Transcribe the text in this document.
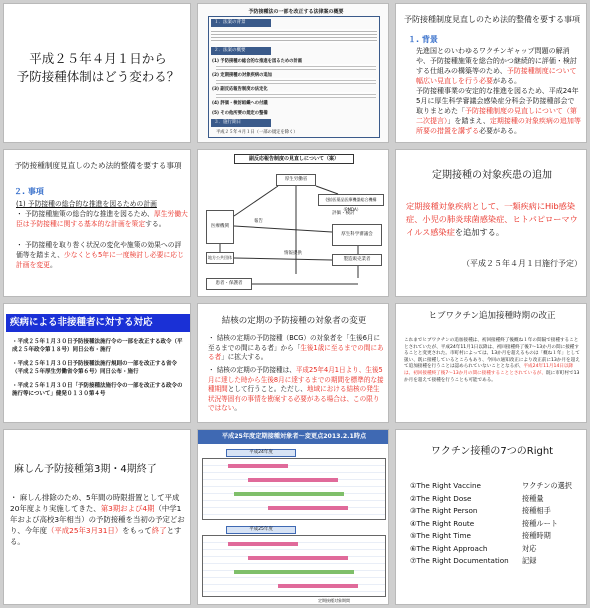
平成２５年４月１日から
予防接種体制はどう変わる？
予防接種法の一部を改正する法律案の概要
１．法案の背景
２．法案の概要
(1) 予防接種の総合的な推進を図るための計画
(2) 定期接種の対象疾病の追加
(3) 副反応報告制度の法定化
(4) 評価・検討組織への付議
(5) その他所要の規定の整備
３．施行期日
平成２５年４月１日（一部の規定を除く）
予防接種制度見直しのため法的整備を要する事項
１. 背景
先進国とのいわゆるワクチンギャップ問題の解消や、予防接種施策を総合的かつ継続的に評価・検討する仕組みの構築等のため、予防接種制度について幅広い見直しを行う必要がある。
予防接種事業の安定的な推進を図るため、平成24年5月に厚生科学審議会感染症分科会予防接種部会で取りまとめた「予防接種制度の見直しについて（第二次提言）」を踏まえ、定期接種の対象疾病の追加等所要の措置を講ずる必要がある。
予防接種制度見直しのため法的整備を要する事項
２. 事項
(1) 予防接種の総合的な推進を図るための計画
・ 予防接種施策の総合的な推進を図るため、厚生労働大臣は予防接種に関する基本的な計画を策定する。
・ 予防接種を取り巻く状況の変化や施策の効果への評価等を踏まえ、少なくとも5年に一度検討し必要に応じ計画を変更。
副反応報告制度の見直しについて（案）
厚生労働省
(独)医薬品医療機器総合機構（PMDA）
医療機関
地方公共団体
厚生科学審議会
製造販売業者
患者・保護者
報告
情報提供
評価・検討
定期接種の対象疾患の追加
定期接種対象疾病として、一類疾病にHib感染症、小児の肺炎球菌感染症、ヒトパピローマウイルス感染症を追加する。
（平成２５年４月１日施行予定）
疾病による非接種者に対する対応
・ 平成２５年１月３０日予防接種法施行令の一部を改正する政令（平成２５年政令第１８号）同日公布・施行
・ 平成２５年１月３０日予防接種法施行規則の一部を改正する省令（平成２５年厚生労働省令第６号）同日公布・施行
・ 平成２５年１月３０日「予防接種法施行令の一部を改正する政令の施行等について」健発０１３０第４号
結核の定期の予防接種の対象者の変更
・ 結核の定期の予防接種（BCG）の対象者を「生後6月に至るまでの間にある者」から「生後1歳に至るまでの間にある者」に拡大する。
・ 結核の定期の予防接種は、平成25年4月1日より、生後5月に達した時から生後8月に達するまでの期間を標準的な接種期間として行うこと。ただし、地域における結核の発生状況等固有の事情を勘案する必要がある場合は、この限りではない。
ヒブワクチン追加接種時期の改正
これまでヒブワクチンの追加接種は、初回接種終了後概ね１年の間隔で接種することとされていたが、平成24年11月1日以降は、初回接種終了後7～13か月の間に接種することと変更された。市町村によっては、13か月を超えるものは「概ね１年」として扱い、既に接種しているところもあり、今回の通知改正により改正前に13か月を超えて追加接種を行うことは認められていないこととなるが、平成24年11月14日以降は、初回接種終了後7～13か月の間に接種することとされているが、既に市町村で13か月を超えて接種を行うことも可能である。
麻しん予防接種第3期・4期終了
・ 麻しん排除のため、5年間の時限措置として平成20年度より実施してきた、第3期および4期（中学1年および高校3年相当）の予防接種を当初の予定どおり、今年度（平成25年3月31日）をもって終了とする。
平成25年度定期接種対象者〜変更点2013.2.1時点
平成24年度
平成25年度
定期接種対象期間
ワクチン接種の7つのRight
①The Right Vaccine	ワクチンの選択
②The Right Dose	接種量
③The Right Person	接種相手
④The Right Route	接種ルート
⑤The Right Time	接種時期
⑥The Right Approach	対応
⑦The Right Documentation	記録
